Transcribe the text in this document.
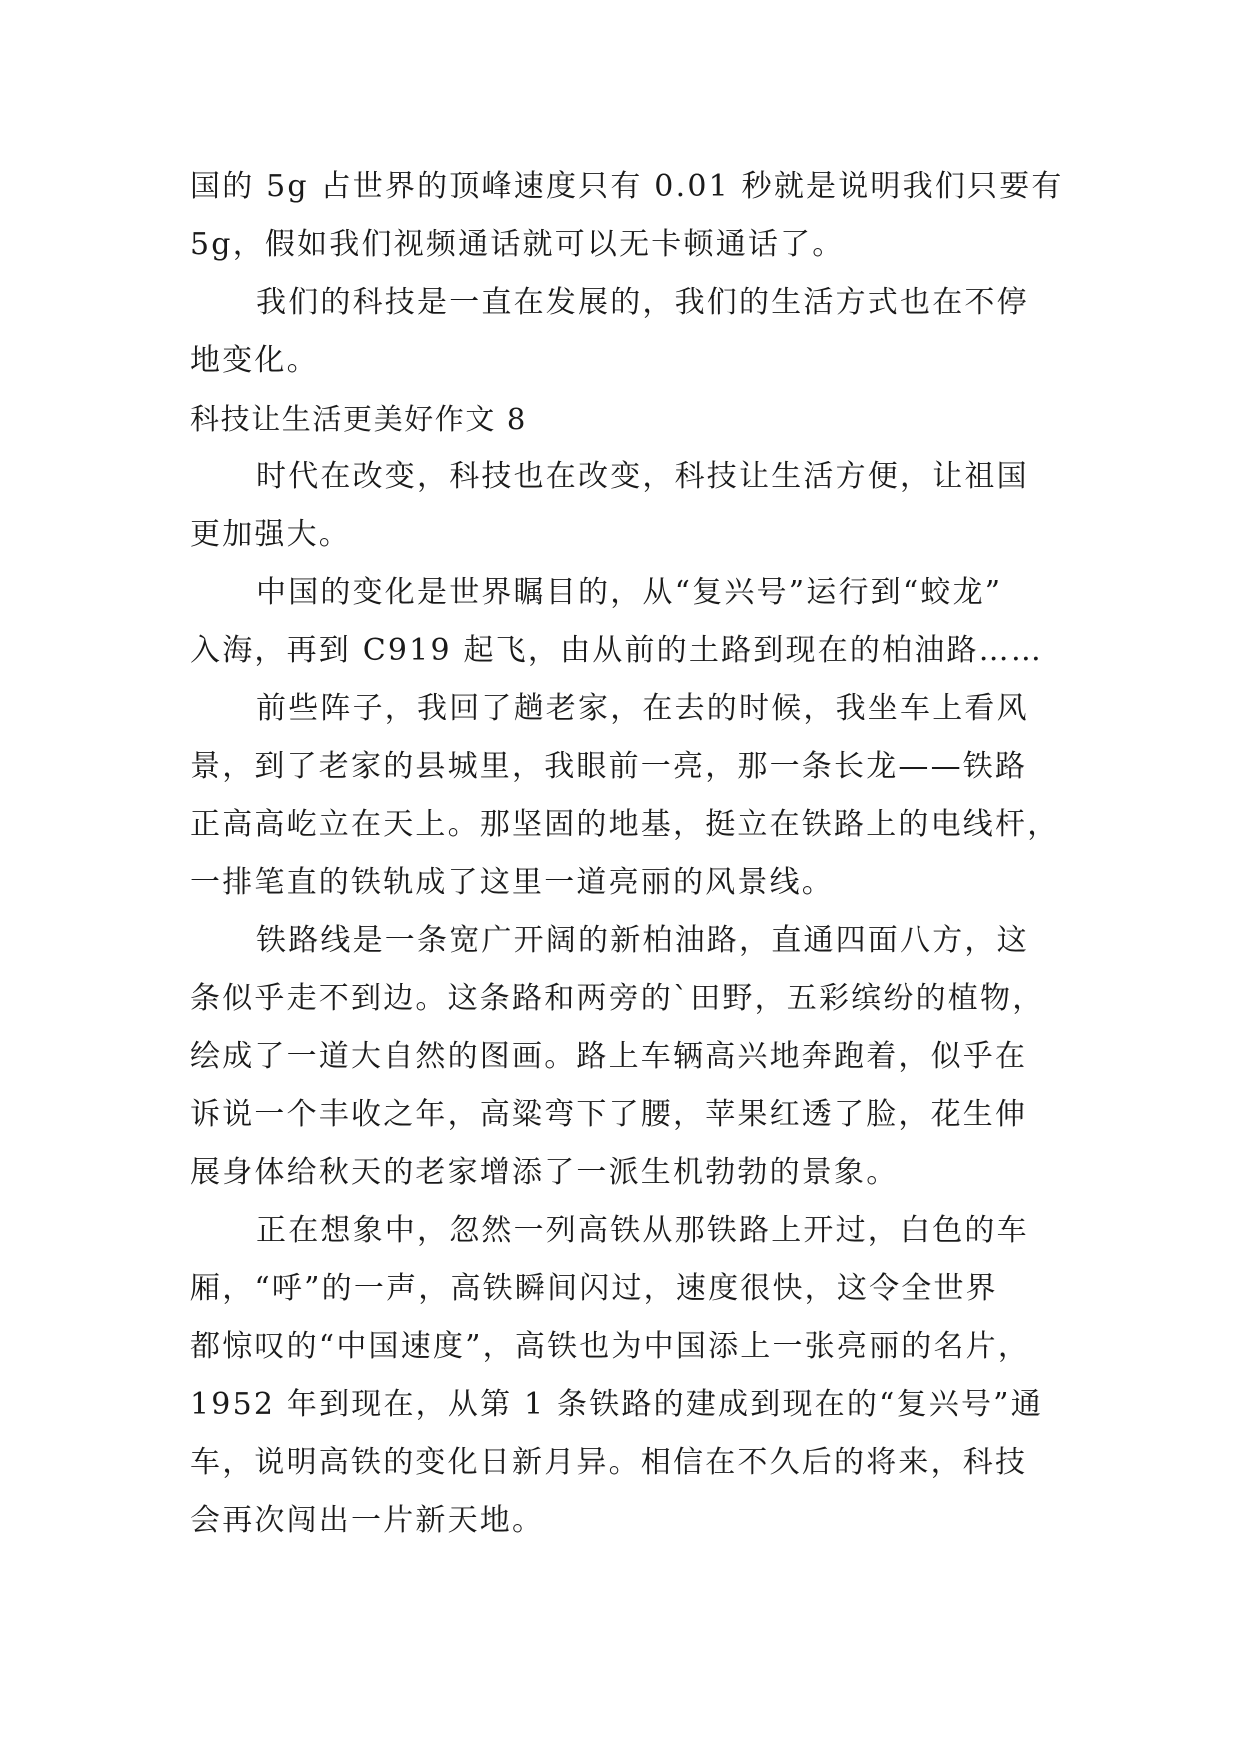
国的 5g 占世界的顶峰速度只有 0.01 秒就是说明我们只要有
5g，假如我们视频通话就可以无卡顿通话了。
我们的科技是一直在发展的，我们的生活方式也在不停
地变化。
科技让生活更美好作文 8
时代在改变，科技也在改变，科技让生活方便，让祖国
更加强大。
中国的变化是世界瞩目的，从“复兴号”运行到“蛟龙”
入海，再到 C919 起飞，由从前的土路到现在的柏油路……
前些阵子，我回了趟老家，在去的时候，我坐车上看风
景，到了老家的县城里，我眼前一亮，那一条长龙——铁路
正高高屹立在天上。那坚固的地基，挺立在铁路上的电线杆，
一排笔直的铁轨成了这里一道亮丽的风景线。
铁路线是一条宽广开阔的新柏油路，直通四面八方，这
条似乎走不到边。这条路和两旁的`田野，五彩缤纷的植物，
绘成了一道大自然的图画。路上车辆高兴地奔跑着，似乎在
诉说一个丰收之年，高粱弯下了腰，苹果红透了脸，花生伸
展身体给秋天的老家增添了一派生机勃勃的景象。
正在想象中，忽然一列高铁从那铁路上开过，白色的车
厢，“呼”的一声，高铁瞬间闪过，速度很快，这令全世界
都惊叹的“中国速度”，高铁也为中国添上一张亮丽的名片，
1952 年到现在，从第 1 条铁路的建成到现在的“复兴号”通
车，说明高铁的变化日新月异。相信在不久后的将来，科技
会再次闯出一片新天地。
